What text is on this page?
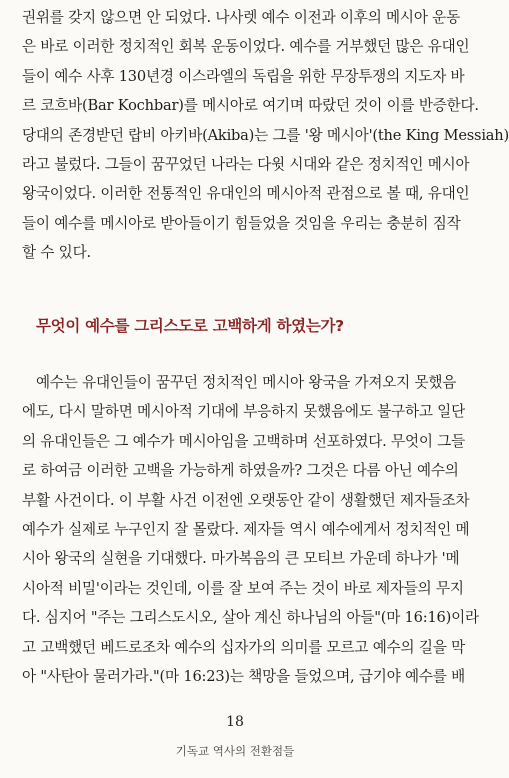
권위를 갖지 않으면 안 되었다. 나사렛 예수 이전과 이후의 메시아 운동
은 바로 이러한 정치적인 회복 운동이었다. 예수를 거부했던 많은 유대인
들이 예수 사후 130년경 이스라엘의 독립을 위한 무장투쟁의 지도자 바
르 코흐바(Bar Kochbar)를 메시아로 여기며 따랐던 것이 이를 반증한다.
당대의 존경받던 랍비 아키바(Akiba)는 그를 '왕 메시아'(the King Messiah)
라고 불렀다. 그들이 꿈꾸었던 나라는 다윗 시대와 같은 정치적인 메시아
왕국이었다. 이러한 전통적인 유대인의 메시아적 관점으로 볼 때, 유대인
들이 예수를 메시아로 받아들이기 힘들었을 것임을 우리는 충분히 짐작
할 수 있다.
무엇이 예수를 그리스도로 고백하게 하였는가?
예수는 유대인들이 꿈꾸던 정치적인 메시아 왕국을 가져오지 못했음
에도, 다시 말하면 메시아적 기대에 부응하지 못했음에도 불구하고 일단
의 유대인들은 그 예수가 메시아임을 고백하며 선포하였다. 무엇이 그들
로 하여금 이러한 고백을 가능하게 하였을까? 그것은 다름 아닌 예수의
부활 사건이다. 이 부활 사건 이전엔 오랫동안 같이 생활했던 제자들조차
예수가 실제로 누구인지 잘 몰랐다. 제자들 역시 예수에게서 정치적인 메
시아 왕국의 실현을 기대했다. 마가복음의 큰 모티브 가운데 하나가 '메
시아적 비밀'이라는 것인데, 이를 잘 보여 주는 것이 바로 제자들의 무지
다. 심지어 "주는 그리스도시오, 살아 계신 하나님의 아들"(마 16:16)이라
고 고백했던 베드로조차 예수의 십자가의 의미를 모르고 예수의 길을 막
아 "사탄아 물러가라."(마 16:23)는 책망을 들었으며, 급기야 예수를 배
18
기독교 역사의 전환점들
